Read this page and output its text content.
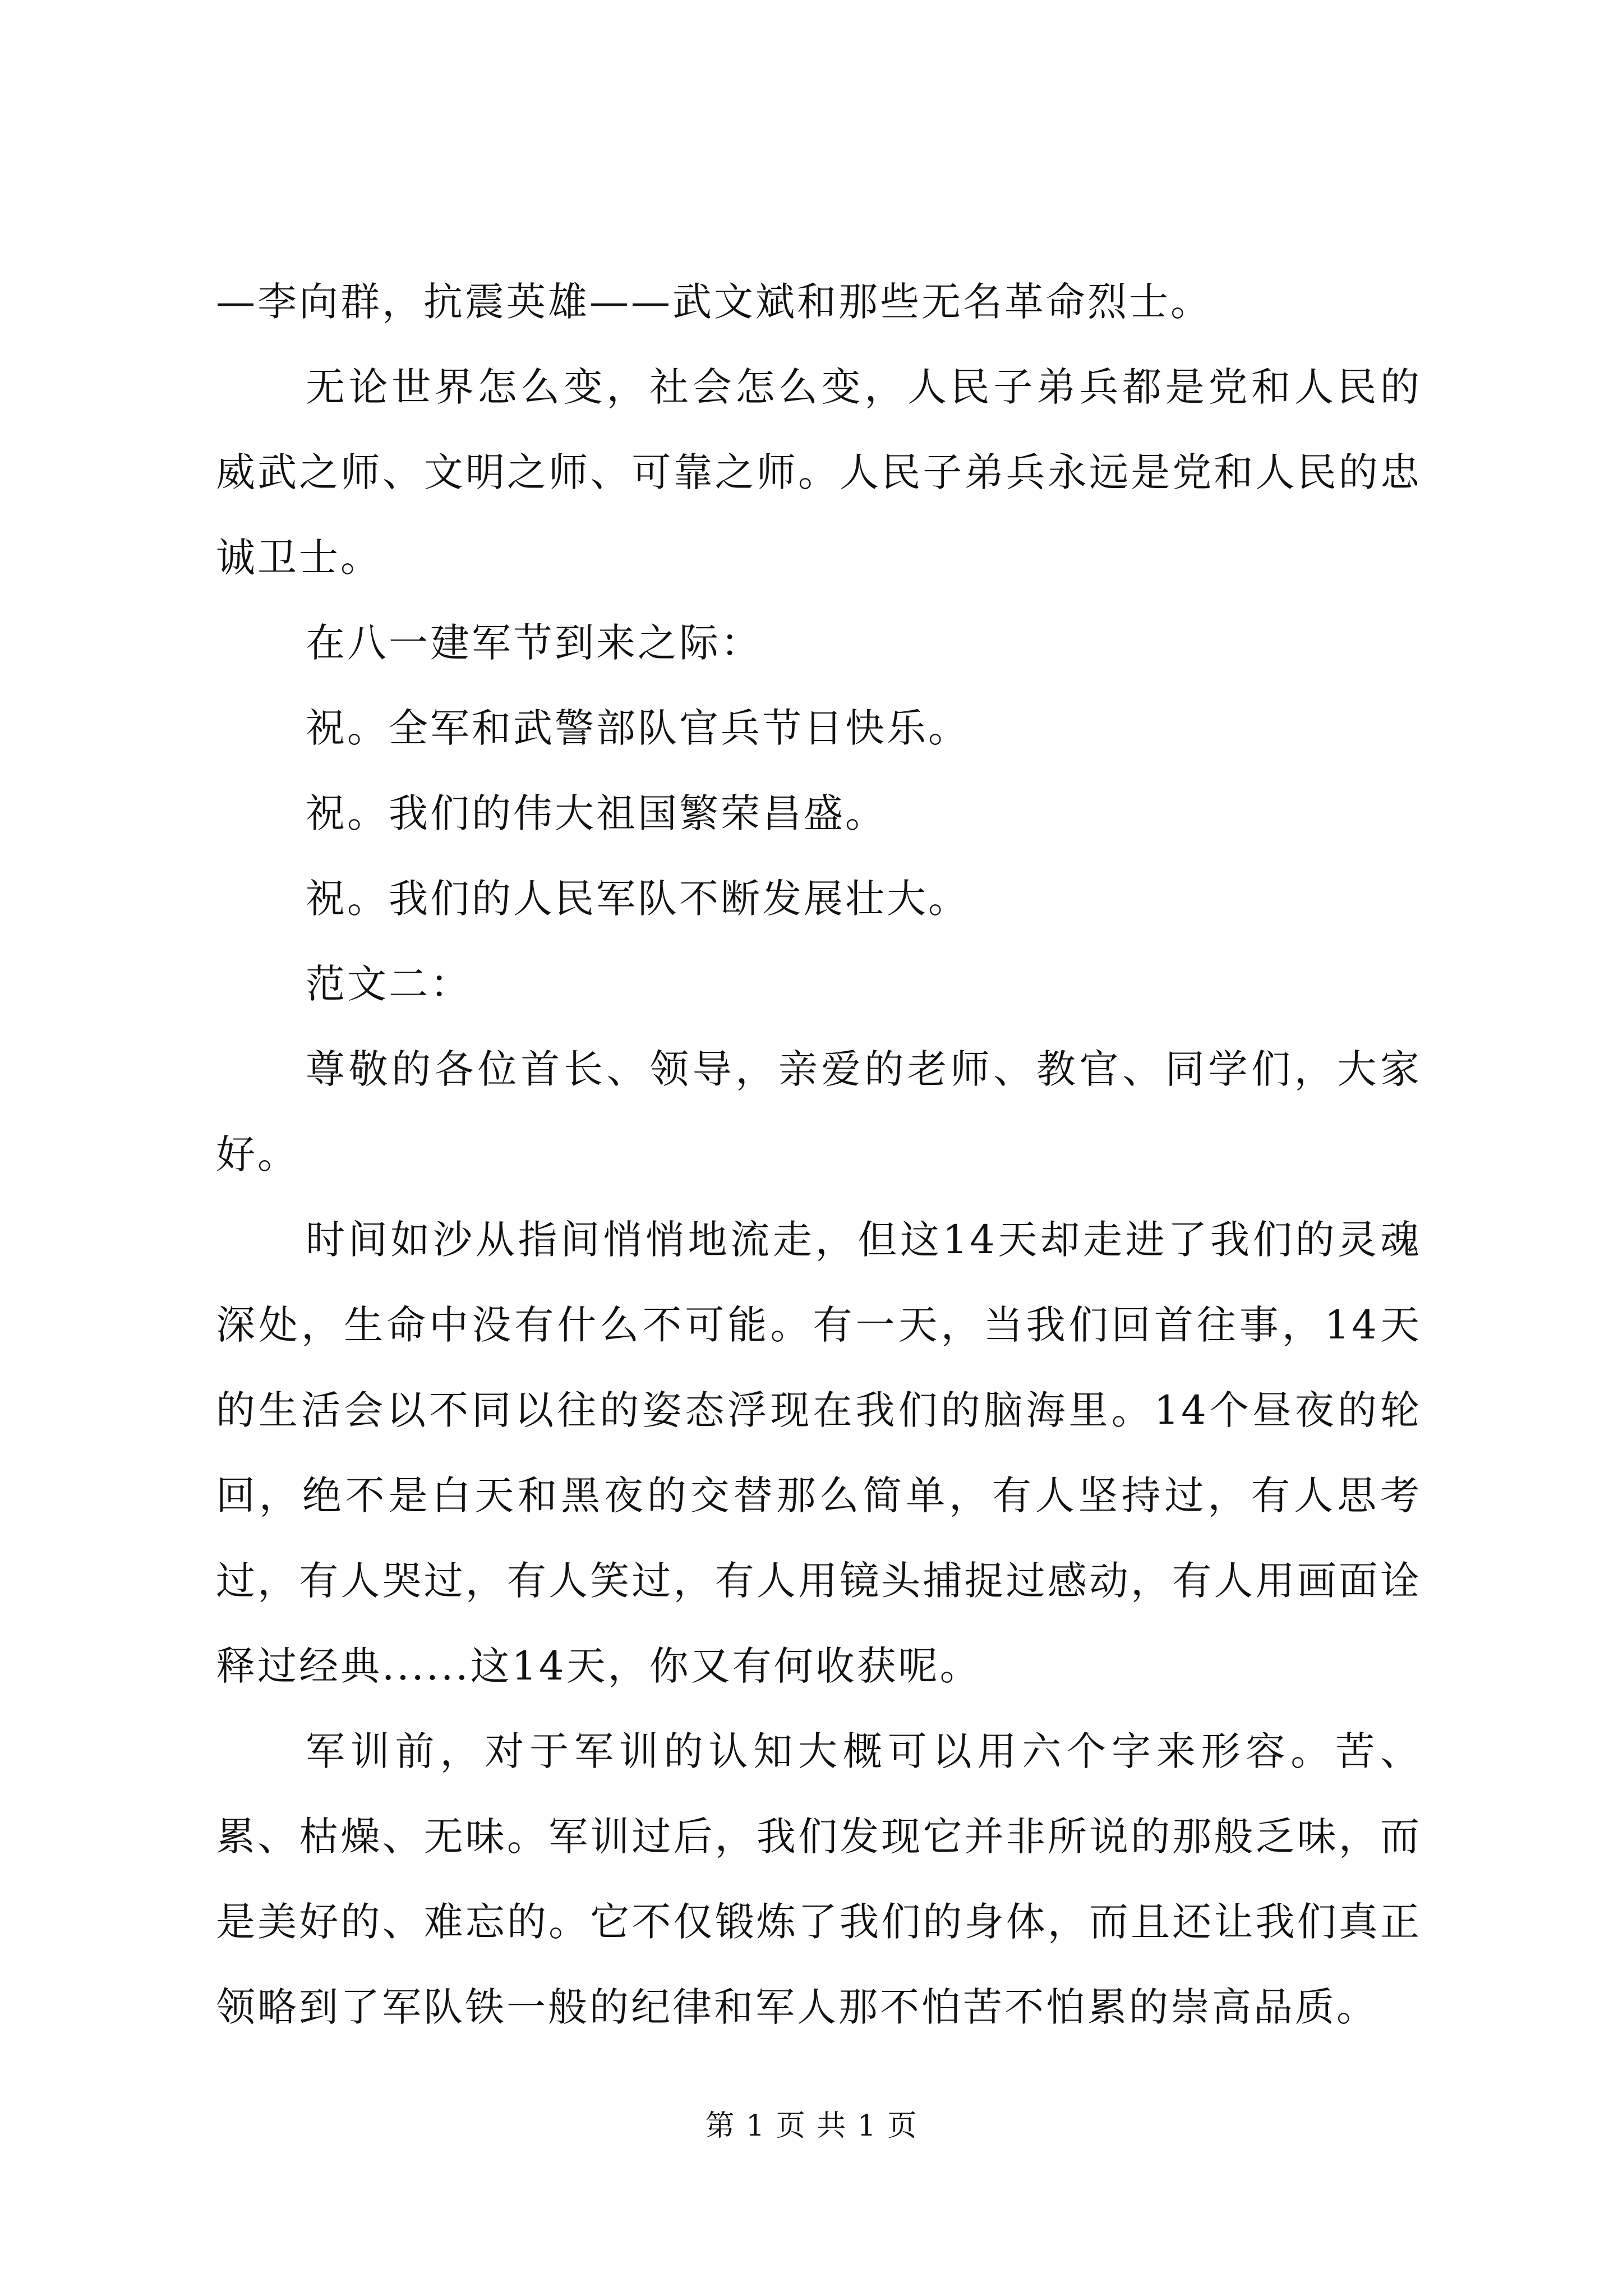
—李向群，抗震英雄——武文斌和那些无名革命烈士。

无论世界怎么变，社会怎么变，人民子弟兵都是党和人民的威武之师、文明之师、可靠之师。人民子弟兵永远是党和人民的忠诚卫士。

在八一建军节到来之际：

祝。全军和武警部队官兵节日快乐。

祝。我们的伟大祖国繁荣昌盛。

祝。我们的人民军队不断发展壮大。

范文二：

尊敬的各位首长、领导，亲爱的老师、教官、同学们，大家好。

时间如沙从指间悄悄地流走，但这14天却走进了我们的灵魂深处，生命中没有什么不可能。有一天，当我们回首往事，14天的生活会以不同以往的姿态浮现在我们的脑海里。14个昼夜的轮回，绝不是白天和黑夜的交替那么简单，有人坚持过，有人思考过，有人哭过，有人笑过，有人用镜头捕捉过感动，有人用画面诠释过经典......这14天，你又有何收获呢。

军训前，对于军训的认知大概可以用六个字来形容。苦、累、枯燥、无味。军训过后，我们发现它并非所说的那般乏味，而是美好的、难忘的。它不仅锻炼了我们的身体，而且还让我们真正领略到了军队铁一般的纪律和军人那不怕苦不怕累的崇高品质。

第 1 页 共 1 页
